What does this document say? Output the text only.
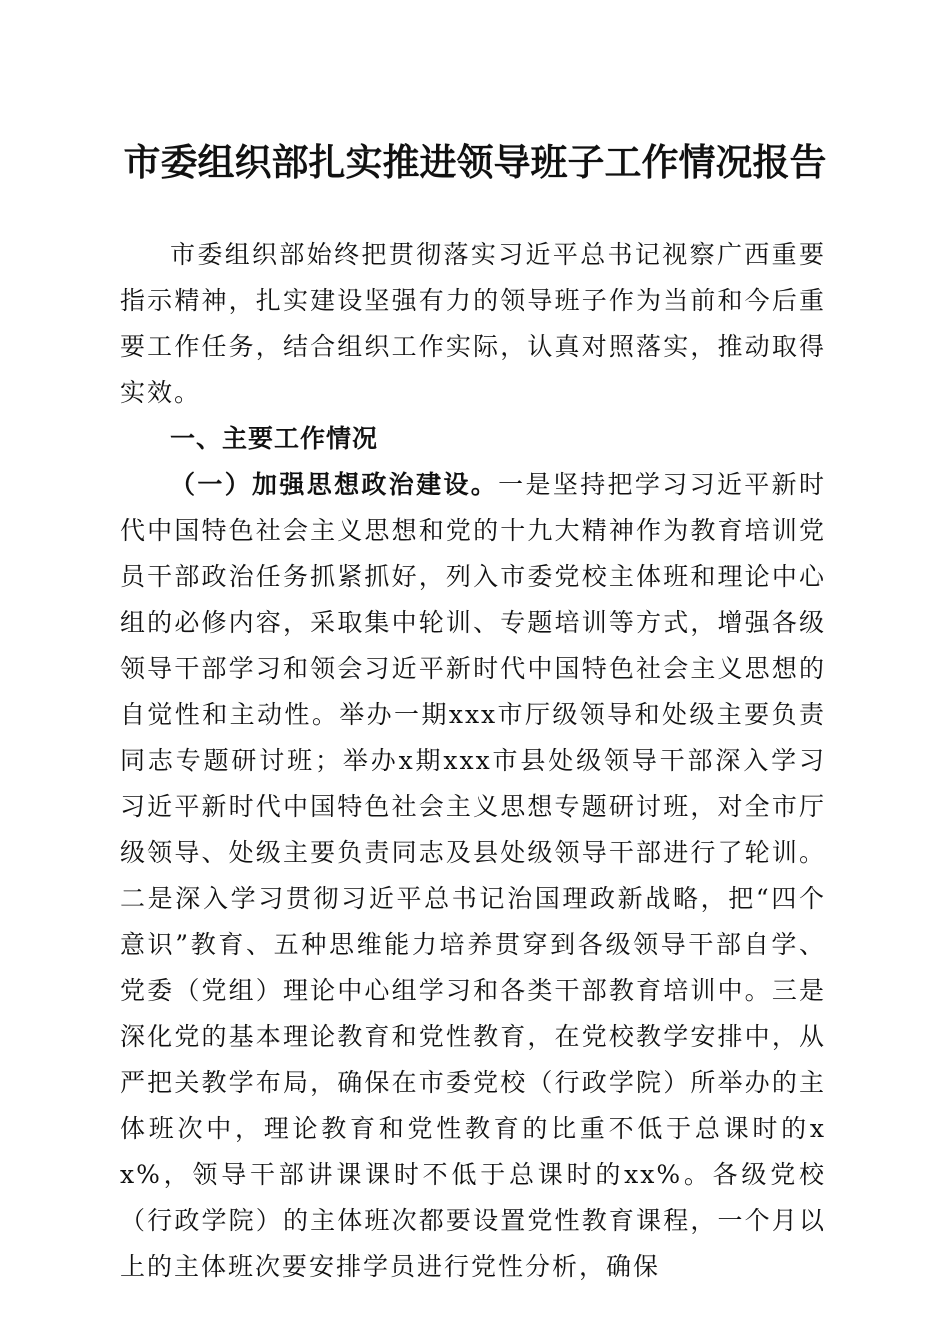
市委组织部扎实推进领导班子工作情况报告

市委组织部始终把贯彻落实习近平总书记视察广西重要指示精神，扎实建设坚强有力的领导班子作为当前和今后重要工作任务，结合组织工作实际，认真对照落实，推动取得实效。

一、主要工作情况

（一）加强思想政治建设。一是坚持把学习习近平新时代中国特色社会主义思想和党的十九大精神作为教育培训党员干部政治任务抓紧抓好，列入市委党校主体班和理论中心组的必修内容，采取集中轮训、专题培训等方式，增强各级领导干部学习和领会习近平新时代中国特色社会主义思想的自觉性和主动性。举办一期xxx市厅级领导和处级主要负责同志专题研讨班；举办x期xxx市县处级领导干部深入学习习近平新时代中国特色社会主义思想专题研讨班，对全市厅级领导、处级主要负责同志及县处级领导干部进行了轮训。二是深入学习贯彻习近平总书记治国理政新战略，把“四个意识”教育、五种思维能力培养贯穿到各级领导干部自学、党委（党组）理论中心组学习和各类干部教育培训中。三是深化党的基本理论教育和党性教育，在党校教学安排中，从严把关教学布局，确保在市委党校（行政学院）所举办的主体班次中，理论教育和党性教育的比重不低于总课时的xx%，领导干部讲课课时不低于总课时的xx%。各级党校（行政学院）的主体班次都要设置党性教育课程，一个月以上的主体班次要安排学员进行党性分析，确保
